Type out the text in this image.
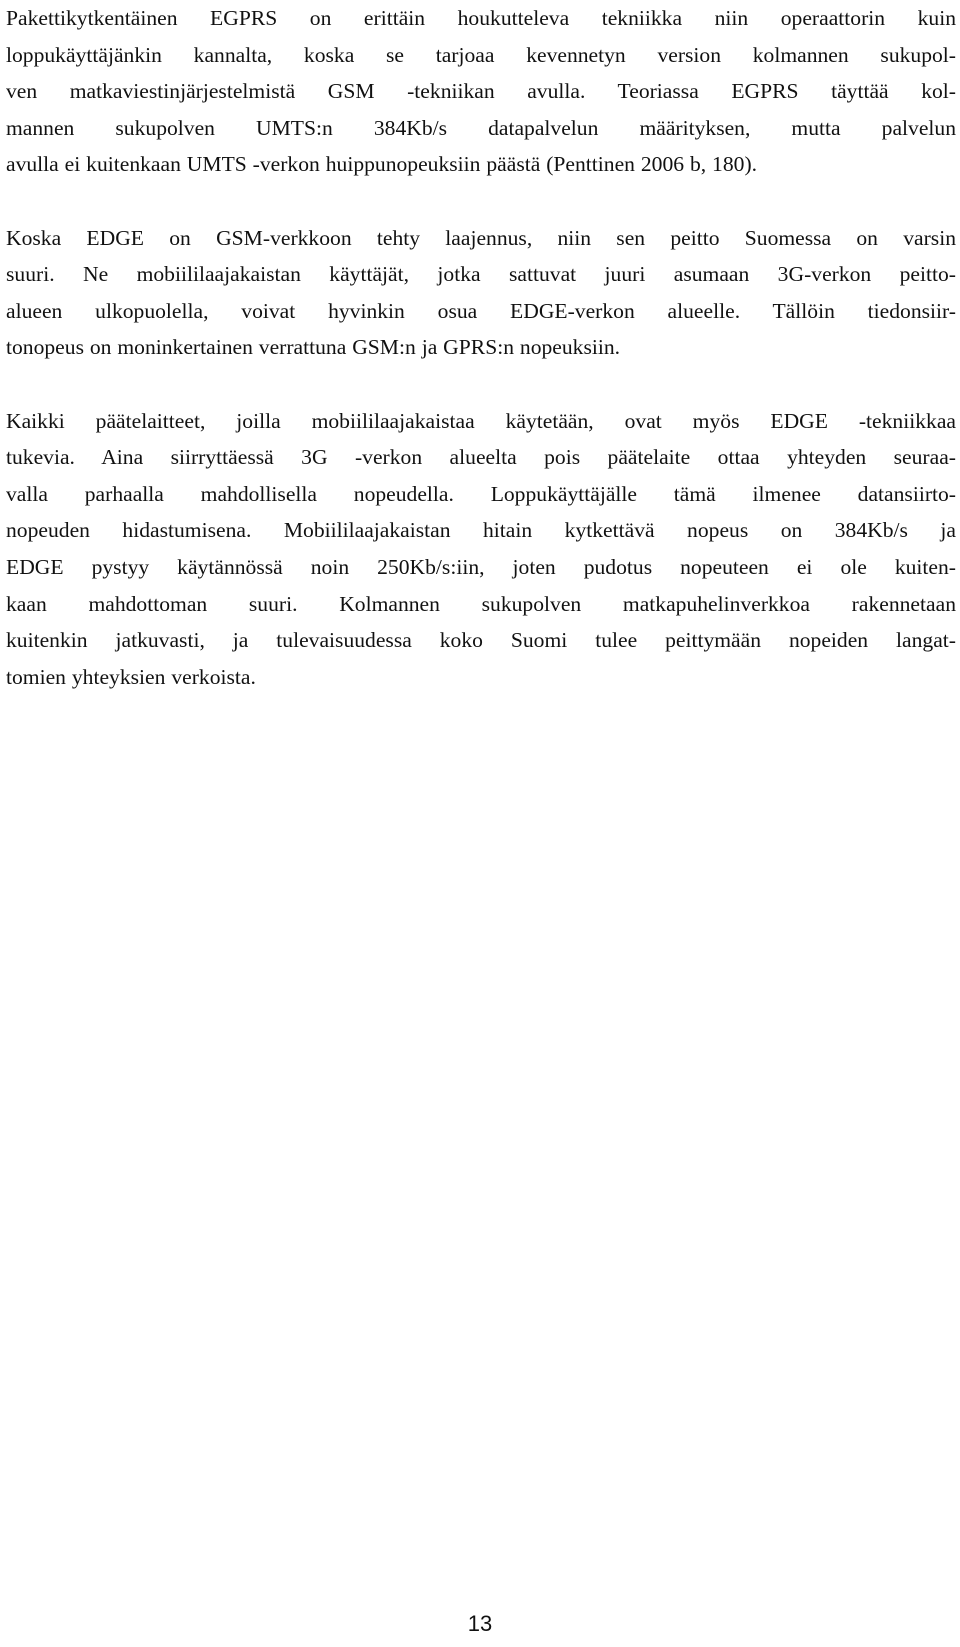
Pakettikytkentäinen EGPRS on erittäin houkutteleva tekniikka niin operaattorin kuin
loppukäyttäjänkin kannalta, koska se tarjoaa kevennetyn version kolmannen sukupol-
ven matkaviestinjärjestelmistä GSM -tekniikan avulla. Teoriassa EGPRS täyttää kol-
mannen sukupolven UMTS:n 384Kb/s datapalvelun määrityksen, mutta palvelun
avulla ei kuitenkaan UMTS -verkon huippunopeuksiin päästä (Penttinen 2006 b, 180).

Koska EDGE on GSM-verkkoon tehty laajennus, niin sen peitto Suomessa on varsin
suuri. Ne mobiililaajakaistan käyttäjät, jotka sattuvat juuri asumaan 3G-verkon peitto-
alueen ulkopuolella, voivat hyvinkin osua EDGE-verkon alueelle. Tällöin tiedonsiir-
tonopeus on moninkertainen verrattuna GSM:n ja GPRS:n nopeuksiin.

Kaikki päätelaitteet, joilla mobiililaajakaistaa käytetään, ovat myös EDGE -tekniikkaa
tukevia. Aina siirryttäessä 3G -verkon alueelta pois päätelaite ottaa yhteyden seuraa-
valla parhaalla mahdollisella nopeudella. Loppukäyttäjälle tämä ilmenee datansiirto-
nopeuden hidastumisena. Mobiililaajakaistan hitain kytkettävä nopeus on 384Kb/s ja
EDGE pystyy käytännössä noin 250Kb/s:iin, joten pudotus nopeuteen ei ole kuiten-
kaan mahdottoman suuri. Kolmannen sukupolven matkapuhelinverkkoa rakennetaan
kuitenkin jatkuvasti, ja tulevaisuudessa koko Suomi tulee peittymään nopeiden langat-
tomien yhteyksien verkoista.

13
